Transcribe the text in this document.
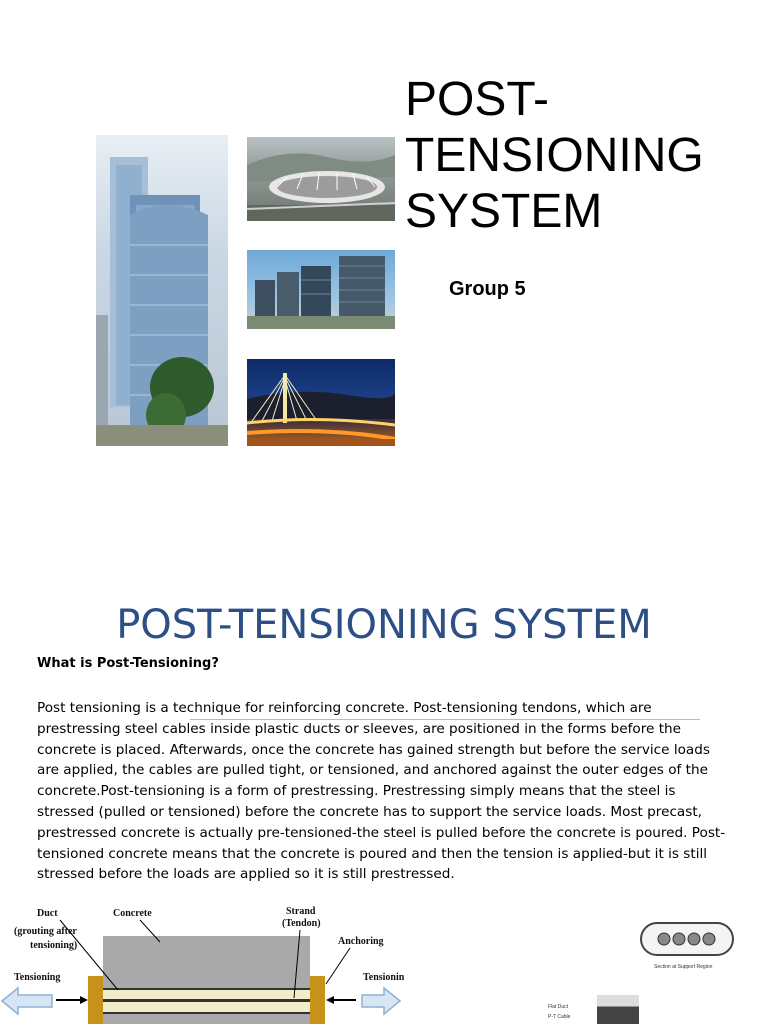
POST-
TENSIONING
SYSTEM
Group 5
POST-TENSIONING SYSTEM
What is Post-Tensioning?
Post tensioning is a technique for reinforcing concrete. Post-tensioning tendons, which are prestressing steel cables inside plastic ducts or sleeves, are positioned in the forms before the concrete is placed. Afterwards, once the concrete has gained strength but before the service loads are applied, the cables are pulled tight, or tensioned, and anchored against the outer edges of the concrete.Post-tensioning is a form of prestressing. Prestressing simply means that the steel is stressed (pulled or tensioned) before the concrete has to support the service loads. Most precast, prestressed concrete is actually pre-tensioned-the steel is pulled before the concrete is poured. Post-tensioned concrete means that the concrete is poured and then the tension is applied-but it is still stressed before the loads are applied so it is still prestressed.
Duct
(grouting after
tensioning)
Concrete	Strand
(Tendon)
Anchoring
Tensioning	Tensionin
Section at Support Region
Flat Duct
P-T Cable
